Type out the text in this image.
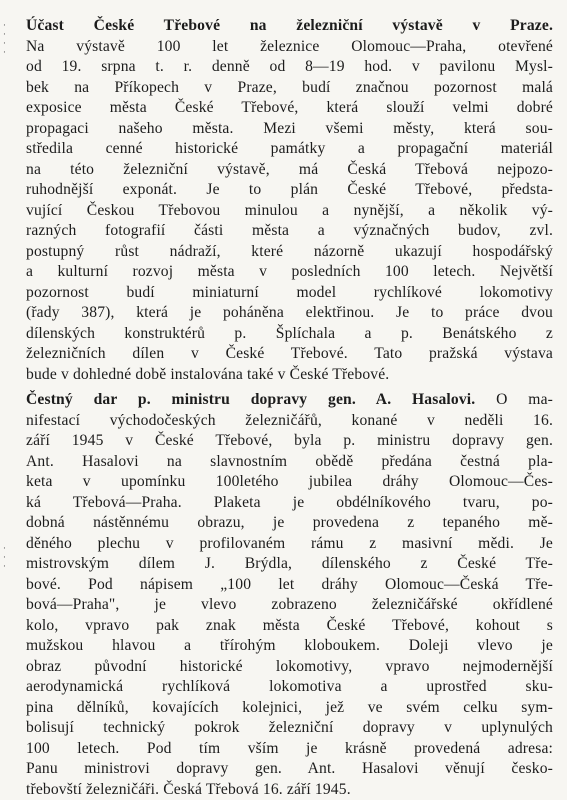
·
·
·
·
·
·
·
Účast České Třebové na železniční výstavě v Praze.
Na výstavě 100 let železnice Olomouc—Praha, otevřené
od 19. srpna t. r. denně od 8—19 hod. v pavilonu Mysl-
bek na Příkopech v Praze, budí značnou pozornost malá
exposice města České Třebové, která slouží velmi dobré
propagaci našeho města. Mezi všemi městy, která sou-
středila cenné historické památky a propagační materiál
na této železniční výstavě, má Česká Třebová nejpozo-
ruhodnější exponát. Je to plán České Třebové, předsta-
vující Českou Třebovou minulou a nynější, a několik vý-
razných fotografií části města a význačných budov, zvl.
postupný růst nádraží, které názorně ukazují hospodářský
a kulturní rozvoj města v posledních 100 letech. Největší
pozornost budí miniaturní model rychlíkové lokomotivy
(řady 387), která je poháněna elektřinou. Je to práce dvou
dílenských konstruktérů p. Šplíchala a p. Benátského z
železničních dílen v České Třebové. Tato pražská výstava
bude v dohledné době instalována také v České Třebové.
Čestný dar p. ministru dopravy gen. A. Hasalovi. O ma-
nifestací východočeských železničářů, konané v neděli 16.
září 1945 v České Třebové, byla p. ministru dopravy gen.
Ant. Hasalovi na slavnostním obědě předána čestná pla-
keta v upomínku 100letého jubilea dráhy Olomouc—Čes-
ká Třebová—Praha. Plaketa je obdélníkového tvaru, po-
dobná nástěnnému obrazu, je provedena z tepaného mě-
děného plechu v profilovaném rámu z masivní mědi. Je
mistrovským dílem J. Brýdla, dílenského z České Tře-
bové. Pod nápisem „100 let dráhy Olomouc—Česká Tře-
bová—Praha", je vlevo zobrazeno železničářské okřídlené
kolo, vpravo pak znak města České Třebové, kohout s
mužskou hlavou a třírohým kloboukem. Doleji vlevo je
obraz původní historické lokomotivy, vpravo nejmodernější
aerodynamická rychlíková lokomotiva a uprostřed sku-
pina dělníků, kovajících kolejnici, jež ve svém celku sym-
bolisují technický pokrok železniční dopravy v uplynulých
100 letech. Pod tím vším je krásně provedená adresa:
Panu ministrovi dopravy gen. Ant. Hasalovi věnují česko-
třebovští železničáři. Česká Třebová 16. září 1945.
